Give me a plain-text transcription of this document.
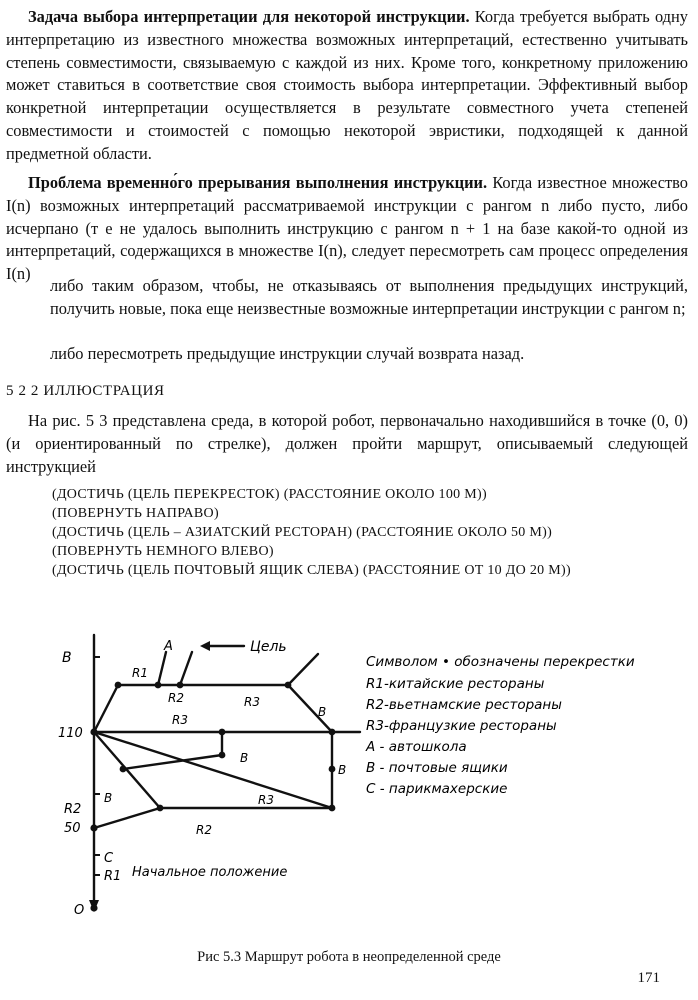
Задача выбора интерпретации для некоторой инструкции. Когда требуется выбрать одну интерпретацию из известного множества возможных интерпретаций, естественно учитывать степень совместимости, связываемую с каждой из них. Кроме того, конкретному приложению может ставиться в соответствие своя стоимость выбора интерпретации. Эффективный выбор конкретной интерпретации осуществляется в результате совместного учета степеней совместимости и стоимостей с помощью некоторой эвристики, подходящей к данной предметной области.

Проблема временно́го прерывания выполнения инструкции. Когда известное множество I(n) возможных интерпретаций рассматриваемой инструкции с рангом n либо пусто, либо исчерпано (т е не удалось выполнить инструкцию с рангом n + 1 на базе какой-то одной из интерпретаций, содержащихся в множестве I(n), следует пересмотреть сам процесс определения I(n)

либо таким образом, чтобы, не отказываясь от выполнения предыдущих инструкций, получить новые, пока еще неизвестные возможные интерпретации инструкции с рангом n;

либо пересмотреть предыдущие инструкции случай возврата назад.

5 2 2 ИЛЛЮСТРАЦИЯ

На рис. 5 3 представлена среда, в которой робот, первоначально находившийся в точке (0, 0) (и ориентированный по стрелке), должен пройти маршрут, описываемый следующей инструкцией

(ДОСТИЧЬ (ЦЕЛЬ ПЕРЕКРЕСТОК) (РАССТОЯНИЕ ОКОЛО 100 М))

(ПОВЕРНУТЬ НАПРАВО)

(ДОСТИЧЬ (ЦЕЛЬ – АЗИАТСКИЙ РЕСТОРАН) (РАССТОЯНИЕ ОКОЛО 50 М))

(ПОВЕРНУТЬ НЕМНОГО ВЛЕВО)

(ДОСТИЧЬ (ЦЕЛЬ ПОЧТОВЫЙ ЯЩИК СЛЕВА) (РАССТОЯНИЕ ОТ 10 ДО 20 М))

B
110
R2
50
C
R1
O
Цель
A
R1
R2
R3
R3
R3
B
B
B
B
R2
Начальное положение
Символом • обозначены перекрестки
R1-китайские рестораны
R2-вьетнамские рестораны
R3-французкие рестораны
A - автошкола
B - почтовые ящики
C - парикмахерские
Рис 5.3 Маршрут робота в неопределенной среде
171
